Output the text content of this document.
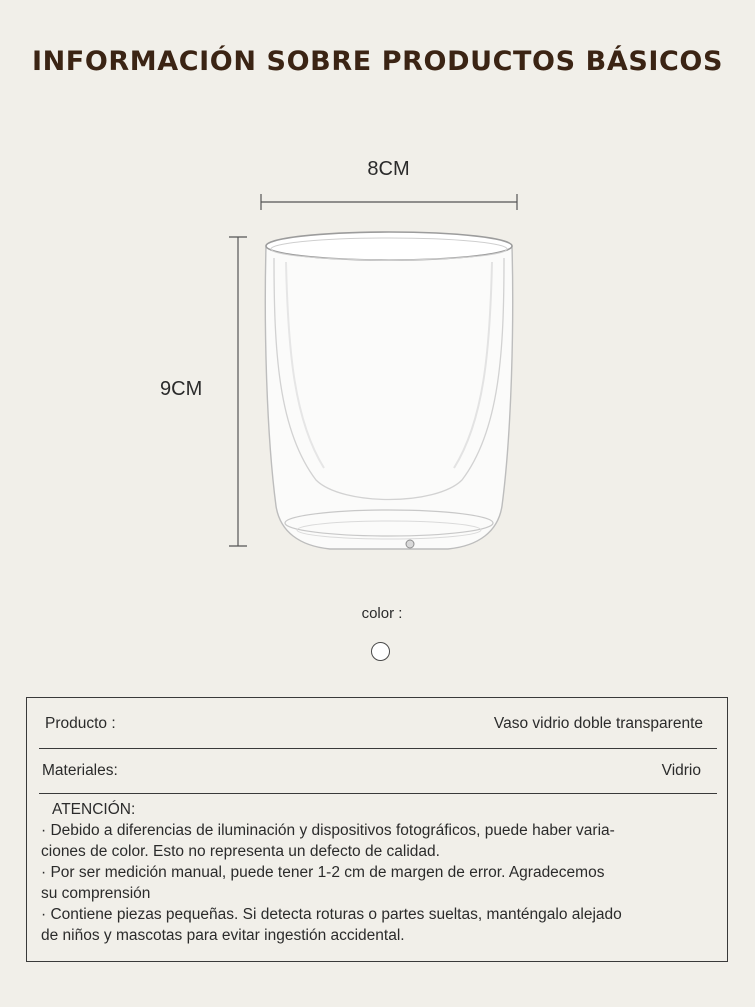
INFORMACIÓN SOBRE PRODUCTOS BÁSICOS
8CM
9CM
color :
Producto :	Vaso vidrio doble transparente
Materiales:	Vidrio

ATENCIÓN:

· Debido a diferencias de iluminación y dispositivos fotográficos, puede haber varia-

ciones de color. Esto no representa un defecto de calidad.

· Por ser medición manual, puede tener 1-2 cm de margen de error. Agradecemos

su comprensión

· Contiene piezas pequeñas. Si detecta roturas o partes sueltas, manténgalo alejado

de niños y mascotas para evitar ingestión accidental.
